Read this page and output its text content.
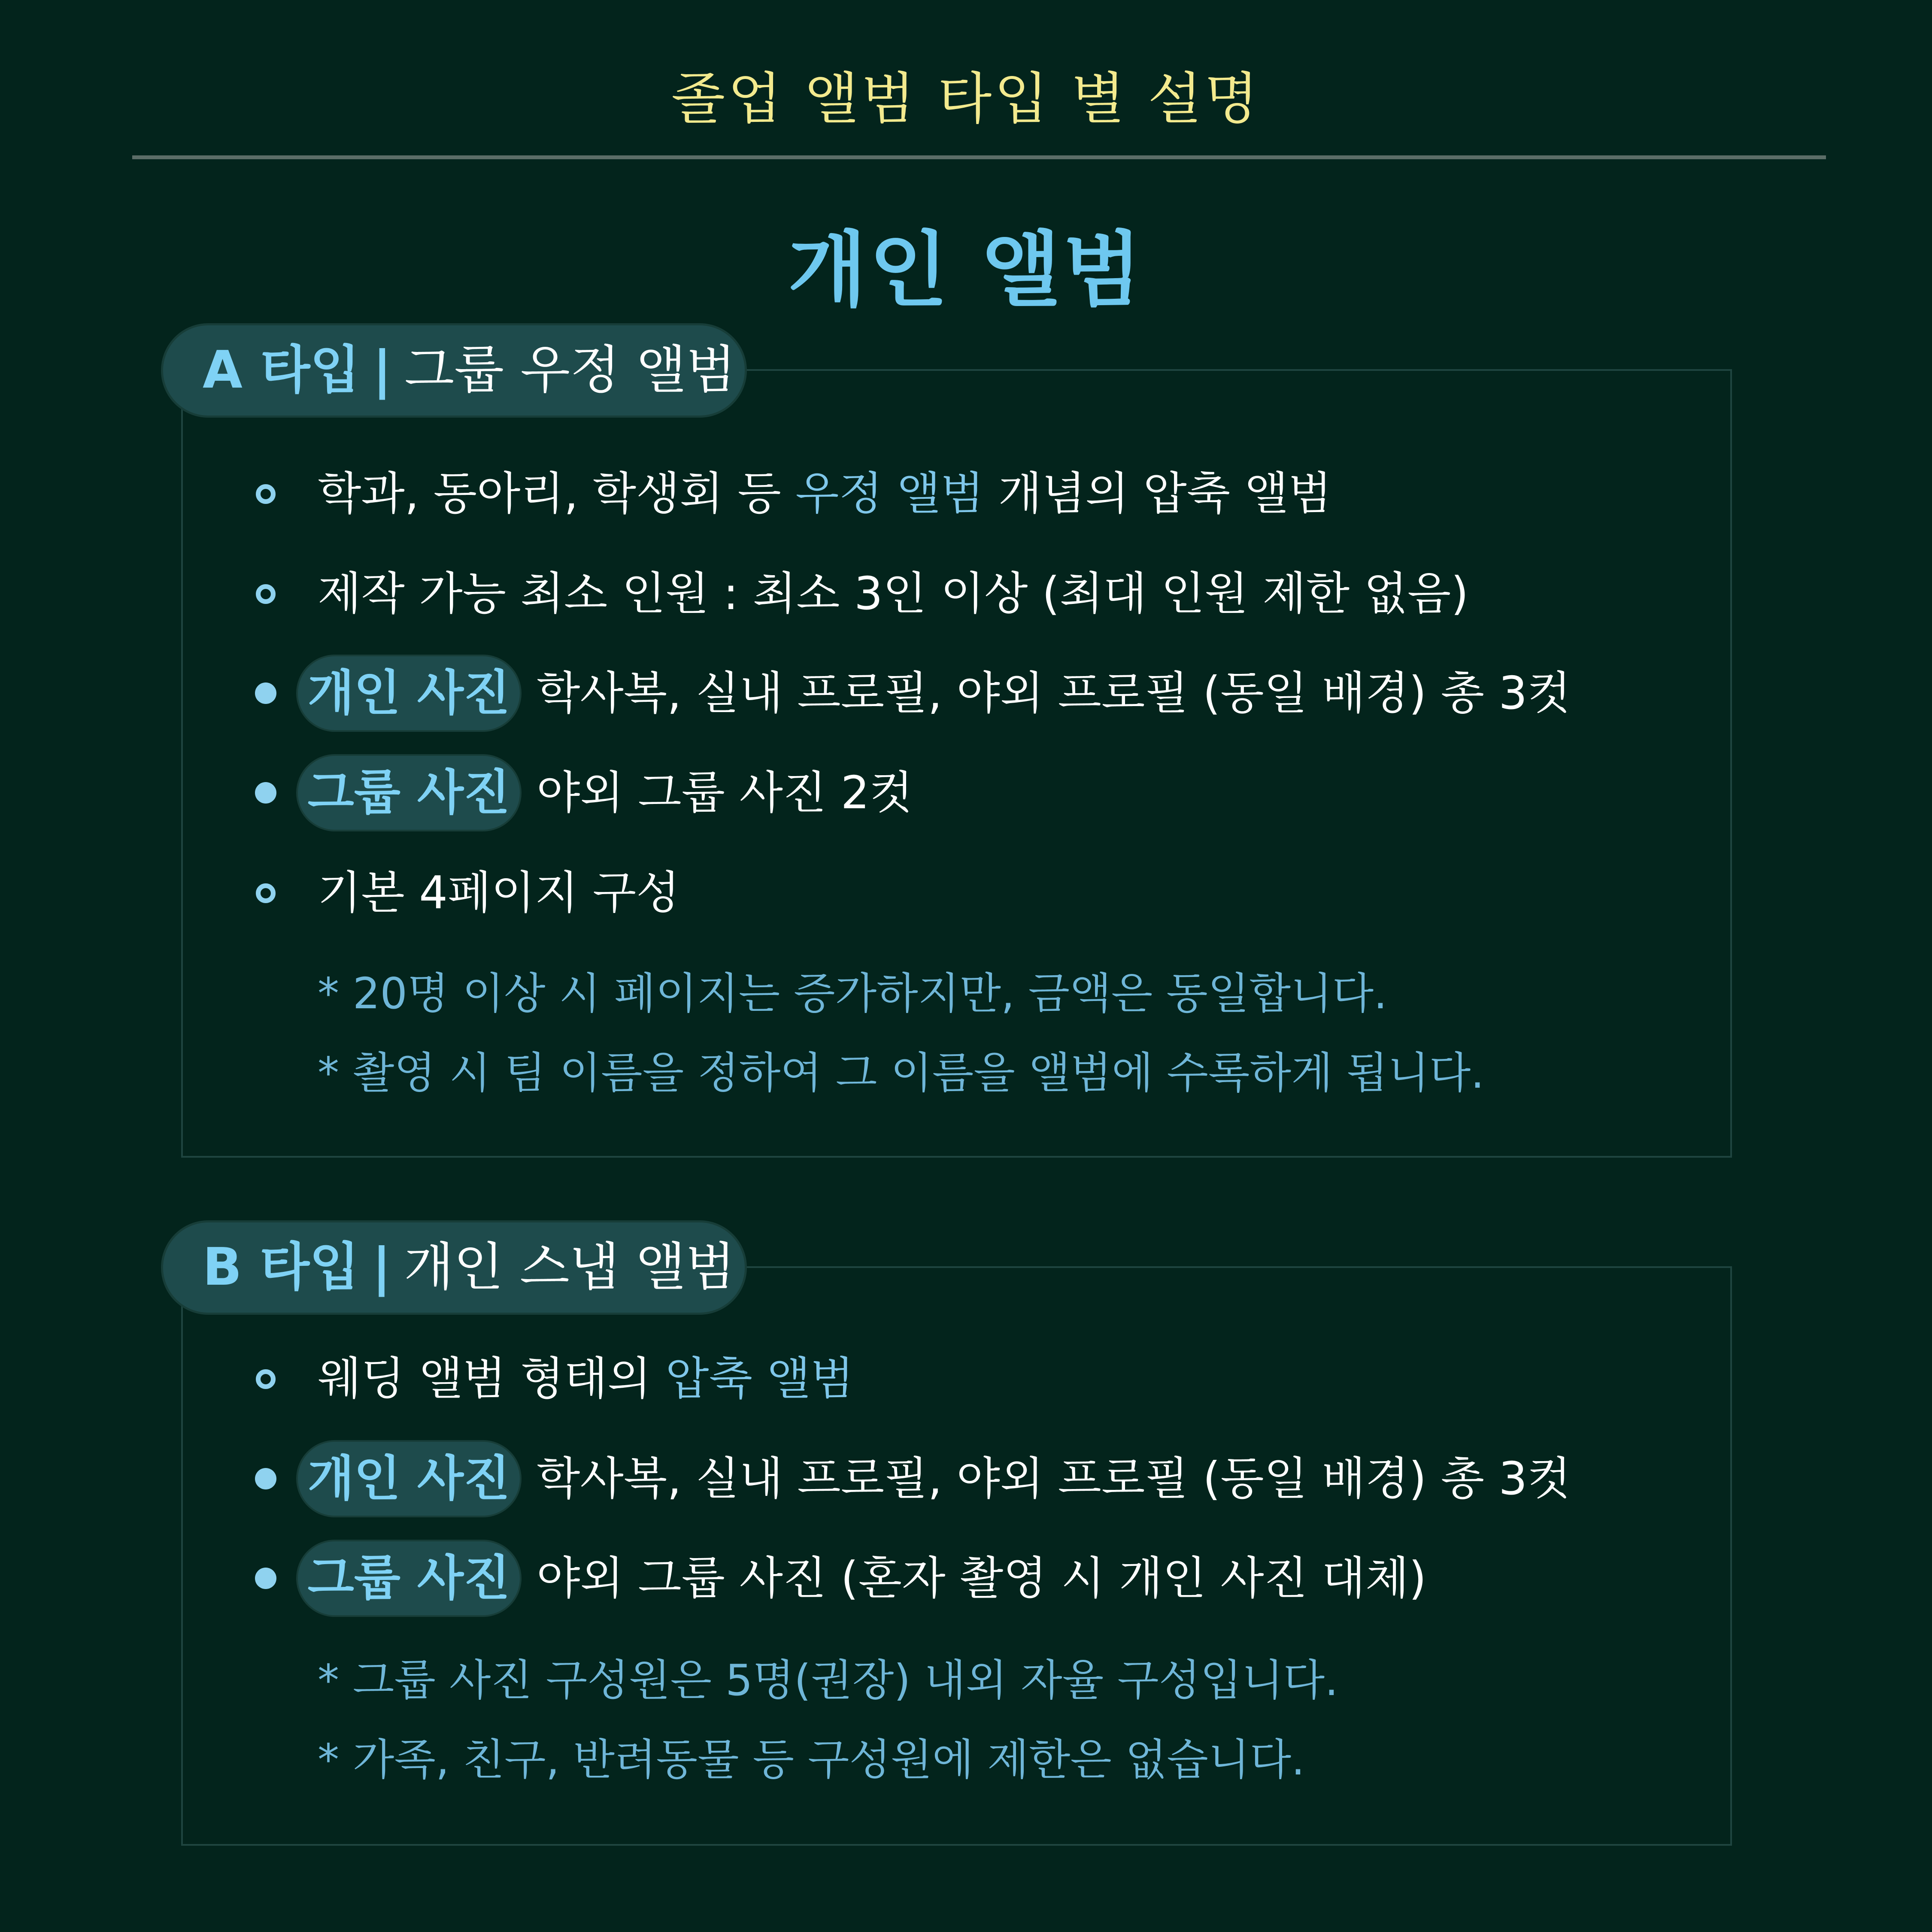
졸업 앨범 타입 별 설명
개인 앨범
A 타입 | 그룹 우정 앨범
학과, 동아리, 학생회 등 우정 앨범 개념의 압축 앨범
제작 가능 최소 인원 : 최소 3인 이상 (최대 인원 제한 없음)
개인 사진 학사복, 실내 프로필, 야외 프로필 (동일 배경) 총 3컷
그룹 사진 야외 그룹 사진 2컷
기본 4페이지 구성
* 20명 이상 시 페이지는 증가하지만, 금액은 동일합니다.
* 촬영 시 팀 이름을 정하여 그 이름을 앨범에 수록하게 됩니다.
B 타입 | 개인 스냅 앨범
웨딩 앨범 형태의 압축 앨범
개인 사진 학사복, 실내 프로필, 야외 프로필 (동일 배경) 총 3컷
그룹 사진 야외 그룹 사진 (혼자 촬영 시 개인 사진 대체)
* 그룹 사진 구성원은 5명(권장) 내외 자율 구성입니다.
* 가족, 친구, 반려동물 등 구성원에 제한은 없습니다.
